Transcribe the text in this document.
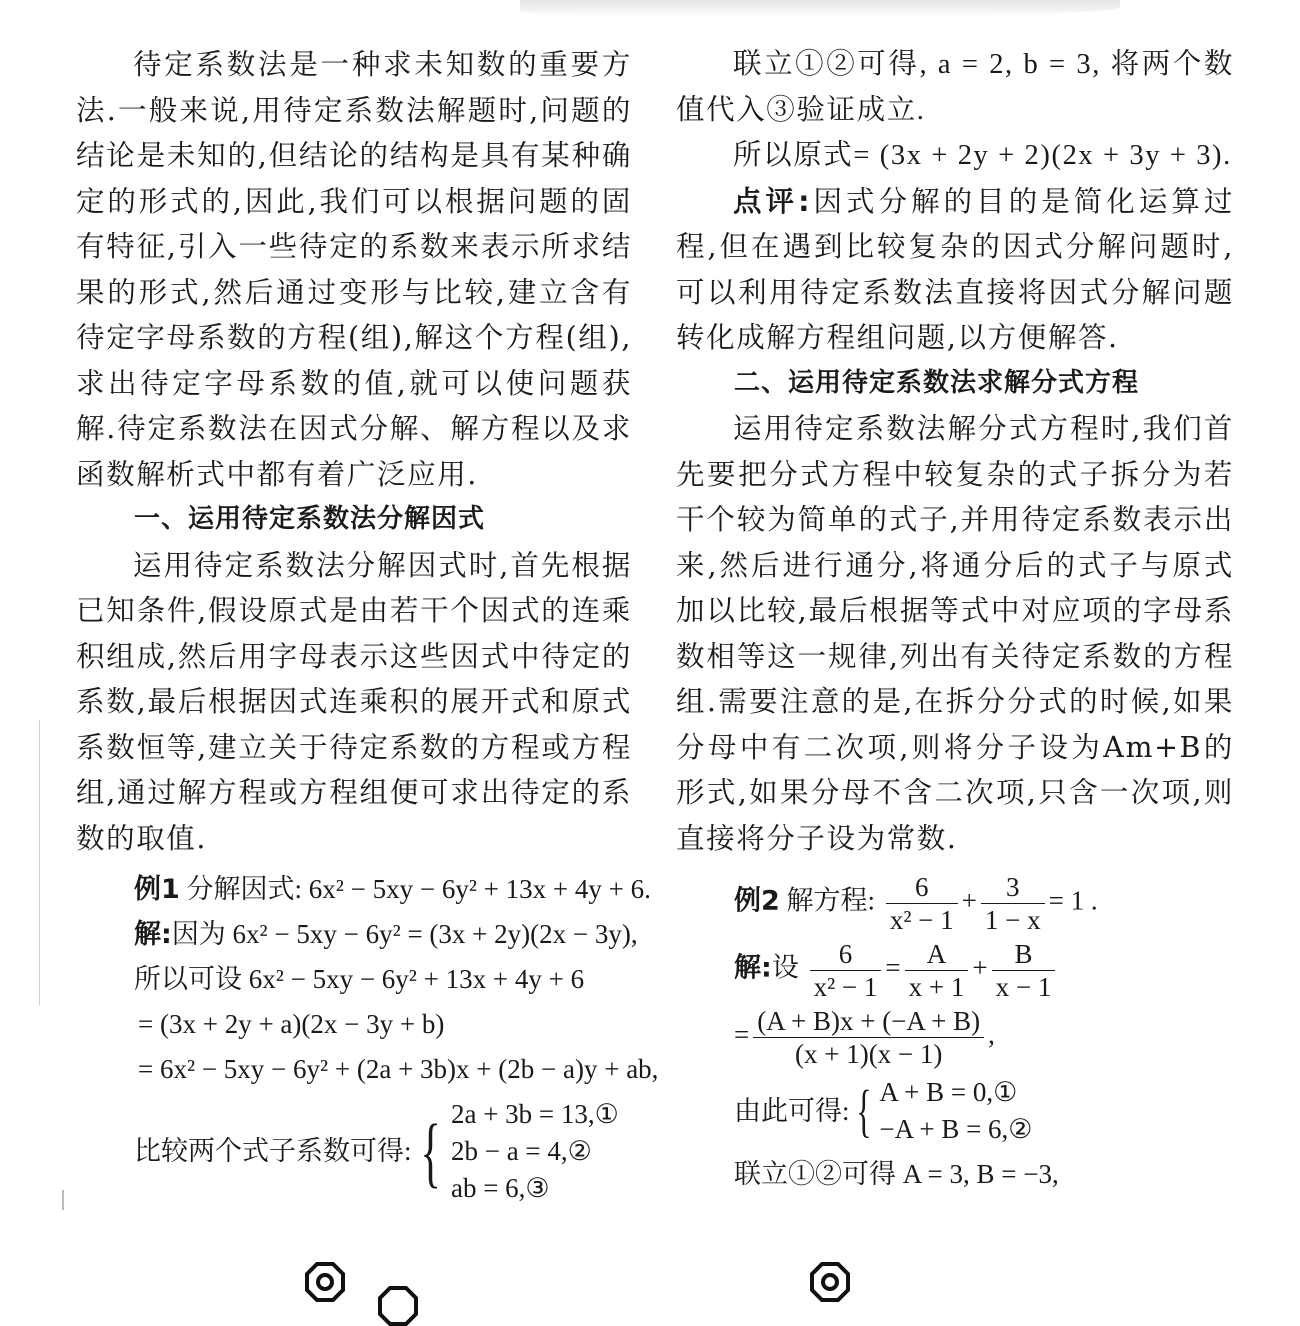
待定系数法是一种求未知数的重要方法.一般来说,用待定系数法解题时,问题的结论是未知的,但结论的结构是具有某种确定的形式的,因此,我们可以根据问题的固有特征,引入一些待定的系数来表示所求结果的形式,然后通过变形与比较,建立含有待定字母系数的方程(组),解这个方程(组),求出待定字母系数的值,就可以使问题获解.待定系数法在因式分解、解方程以及求函数解析式中都有着广泛应用.

一、运用待定系数法分解因式

运用待定系数法分解因式时,首先根据已知条件,假设原式是由若干个因式的连乘积组成,然后用字母表示这些因式中待定的系数,最后根据因式连乘积的展开式和原式系数恒等,建立关于待定系数的方程或方程组,通过解方程或方程组便可求出待定的系数的取值.

例1 分解因式: 6x² − 5xy − 6y² + 13x + 4y + 6.

解:因为 6x² − 5xy − 6y² = (3x + 2y)(2x − 3y),

所以可设 6x² − 5xy − 6y² + 13x + 4y + 6

= (3x + 2y + a)(2x − 3y + b)

= 6x² − 5xy − 6y² + (2a + 3b)x + (2b − a)y + ab,

比较两个式子系数可得: { 2a + 3b = 13,①
2b − a = 4,②
ab = 6,③

联立①②可得, a = 2, b = 3, 将两个数值代入③验证成立.

所以原式= (3x + 2y + 2)(2x + 3y + 3).

点评:因式分解的目的是简化运算过程,但在遇到比较复杂的因式分解问题时,可以利用待定系数法直接将因式分解问题转化成解方程组问题,以方便解答.

二、运用待定系数法求解分式方程

运用待定系数法解分式方程时,我们首先要把分式方程中较复杂的式子拆分为若干个较为简单的式子,并用待定系数表示出来,然后进行通分,将通分后的式子与原式加以比较,最后根据等式中对应项的字母系数相等这一规律,列出有关待定系数的方程组.需要注意的是,在拆分分式的时候,如果分母中有二次项,则将分子设为Am+B的形式,如果分母不含二次项,只含一次项,则直接将分子设为常数.

例2 解方程: $\frac{6}{\text{x² − 1}} + \frac{3}{1 - x} = 1$ .
解:设 $\frac{6}{\text{x² − 1}} = \frac{A}{x + 1} + \frac{B}{x - 1}$
= $\frac{(A + B)x + (-A + B)}{(x + 1)(x - 1)}$ ,
由此可得: { A + B = 0,①
−A + B = 6,②

联立①②可得 A = 3, B = −3,
